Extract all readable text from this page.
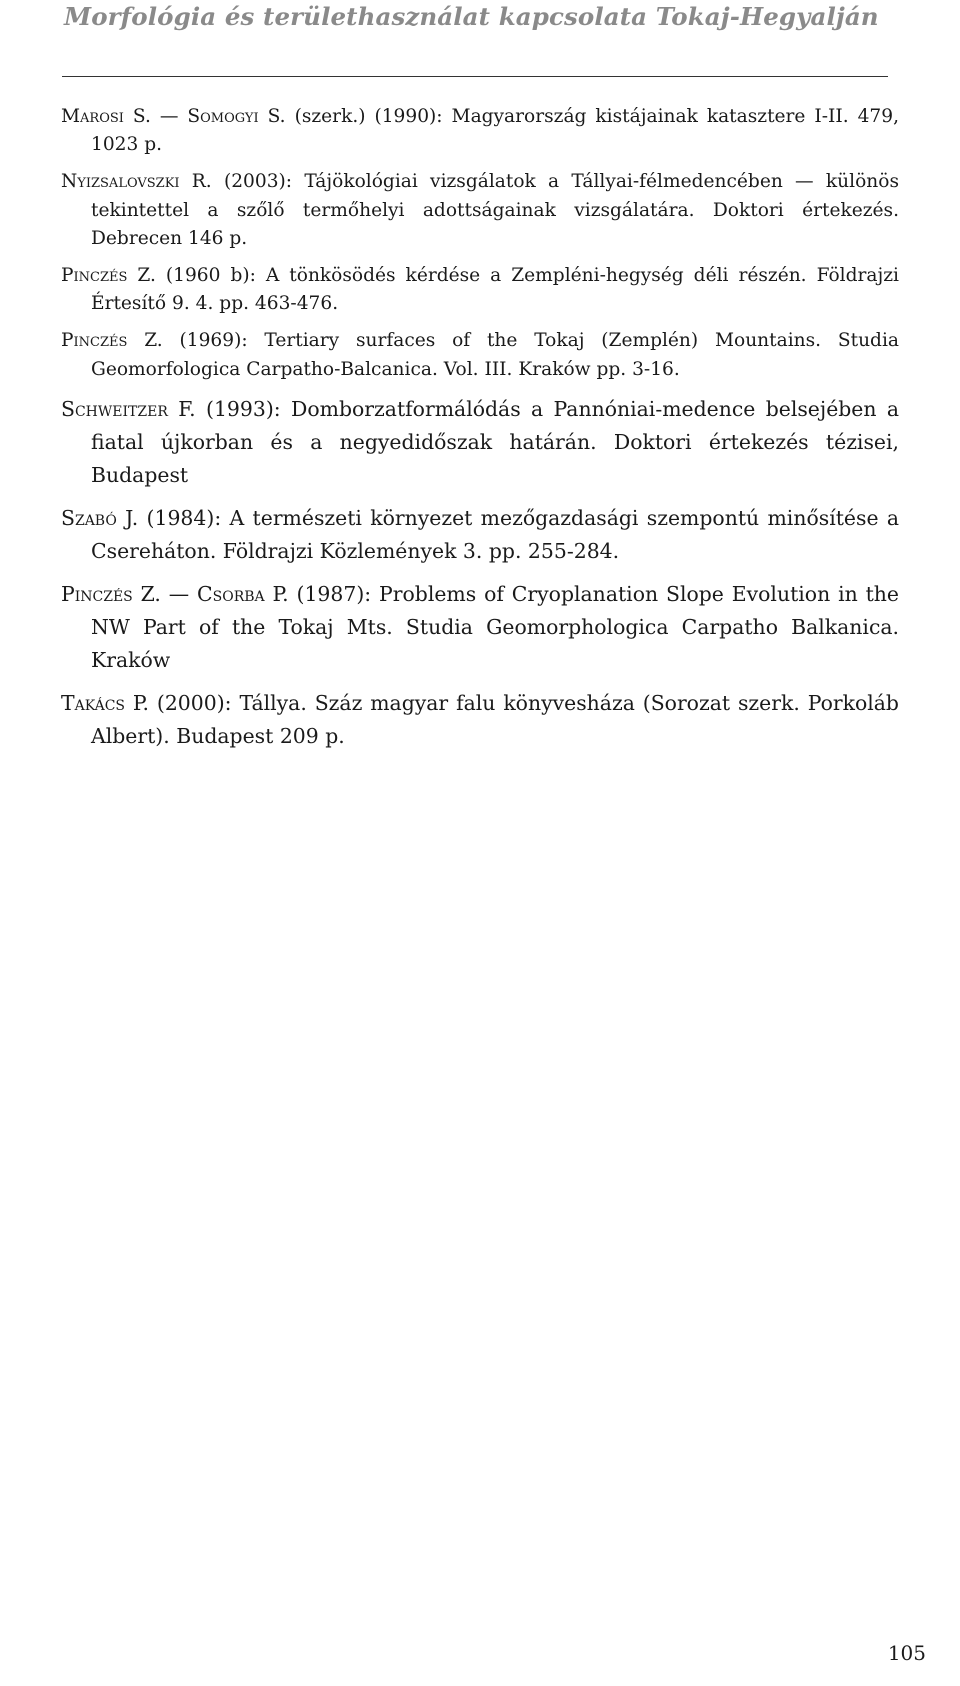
Morfológia és területhasználat kapcsolata Tokaj-Hegyalján
Marosi S. — Somogyi S. (szerk.) (1990): Magyarország kistájainak katasztere I-II. 479, 1023 p.
Nyizsalovszki R. (2003): Tájökológiai vizsgálatok a Tállyai-félmedencében — különös tekintettel a szőlő termőhelyi adottságainak vizsgálatára. Doktori értekezés. Debrecen 146 p.
Pinczés Z. (1960 b): A tönkösödés kérdése a Zempléni-hegység déli részén. Földrajzi Értesítő 9. 4. pp. 463-476.
Pinczés Z. (1969): Tertiary surfaces of the Tokaj (Zemplén) Mountains. Studia Geomorfologica Carpatho-Balcanica. Vol. III. Kraków pp. 3-16.
Schweitzer F. (1993): Domborzatformálódás a Pannóniai-medence belsejében a fiatal újkorban és a negyedidőszak határán. Doktori értekezés tézisei, Budapest
Szabó J. (1984): A természeti környezet mezőgazdasági szempontú minősítése a Csereháton. Földrajzi Közlemények 3. pp. 255-284.
Pinczés Z. — Csorba P. (1987): Problems of Cryoplanation Slope Evolution in the NW Part of the Tokaj Mts. Studia Geomorphologica Carpatho Balkanica. Kraków
Takács P. (2000): Tállya. Száz magyar falu könyvesháza (Sorozat szerk. Porkoláb Albert). Budapest 209 p.
105
